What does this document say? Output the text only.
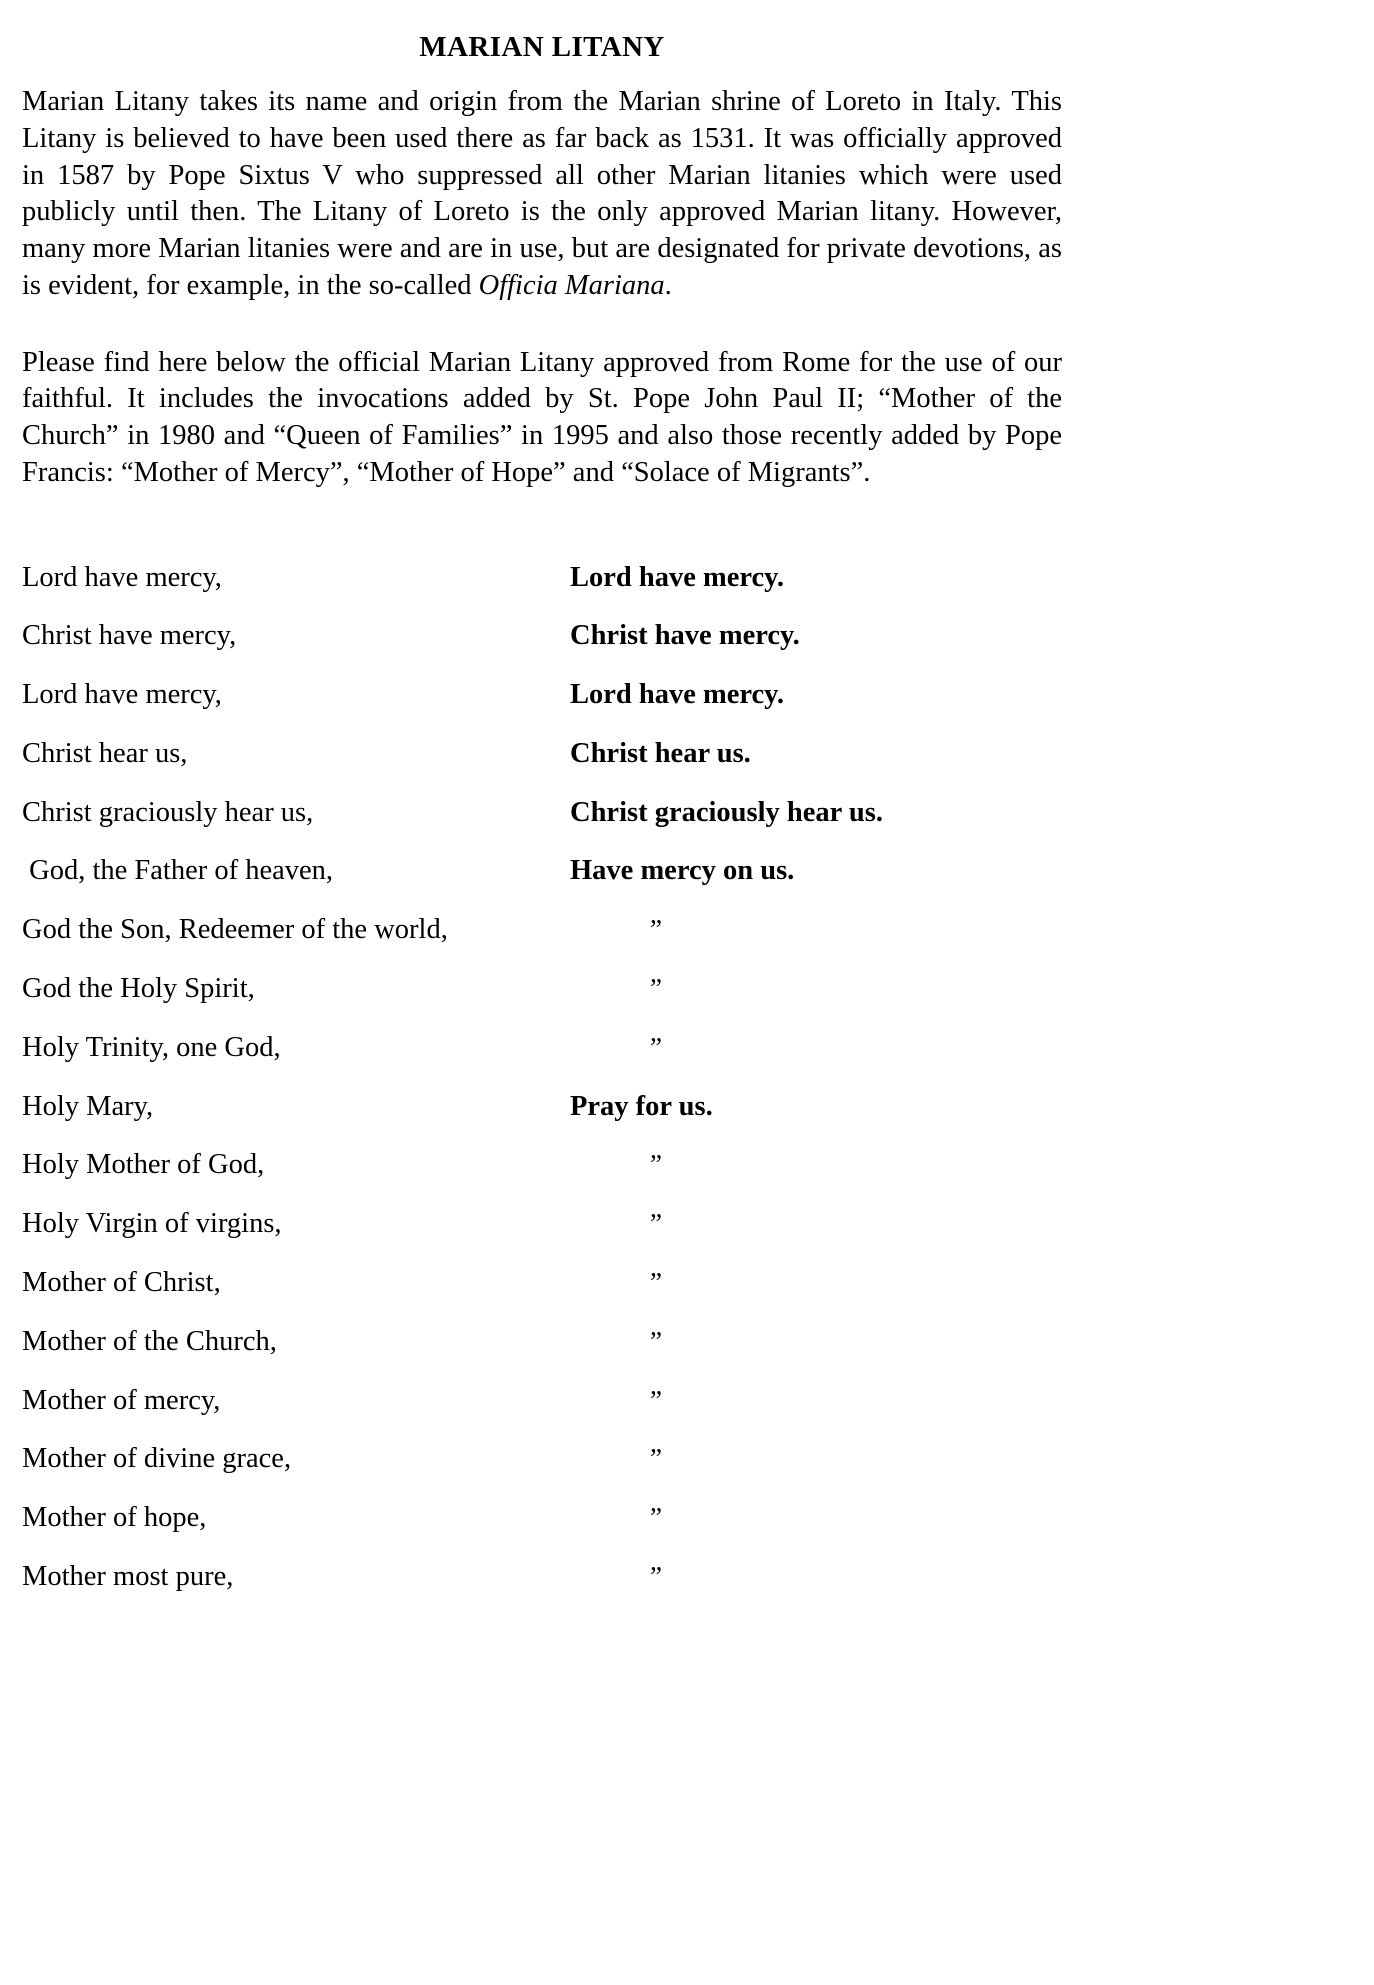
MARIAN LITANY

Marian Litany takes its name and origin from the Marian shrine of Loreto in Italy. This Litany is believed to have been used there as far back as 1531. It was officially approved in 1587 by Pope Sixtus V who suppressed all other Marian litanies which were used publicly until then. The Litany of Loreto is the only approved Marian litany. However, many more Marian litanies were and are in use, but are designated for private devotions, as is evident, for example, in the so-called Officia Mariana.

Please find here below the official Marian Litany approved from Rome for the use of our faithful. It includes the invocations added by St. Pope John Paul II; “Mother of the Church” in 1980 and “Queen of Families” in 1995 and also those recently added by Pope Francis: “Mother of Mercy”, “Mother of Hope” and “Solace of Migrants”.

Lord have mercy,	Lord have mercy.
Christ have mercy,	Christ have mercy.
Lord have mercy,	Lord have mercy.
Christ hear us,	Christ hear us.
Christ graciously hear us,	Christ graciously hear us.
God, the Father of heaven,	Have mercy on us.
God the Son, Redeemer of the world,	”
God the Holy Spirit,	”
Holy Trinity, one God,	”
Holy Mary,	Pray for us.
Holy Mother of God,	”
Holy Virgin of virgins,	”
Mother of Christ,	”
Mother of the Church,	”
Mother of mercy,	”
Mother of divine grace,	”
Mother of hope,	”
Mother most pure,	”
